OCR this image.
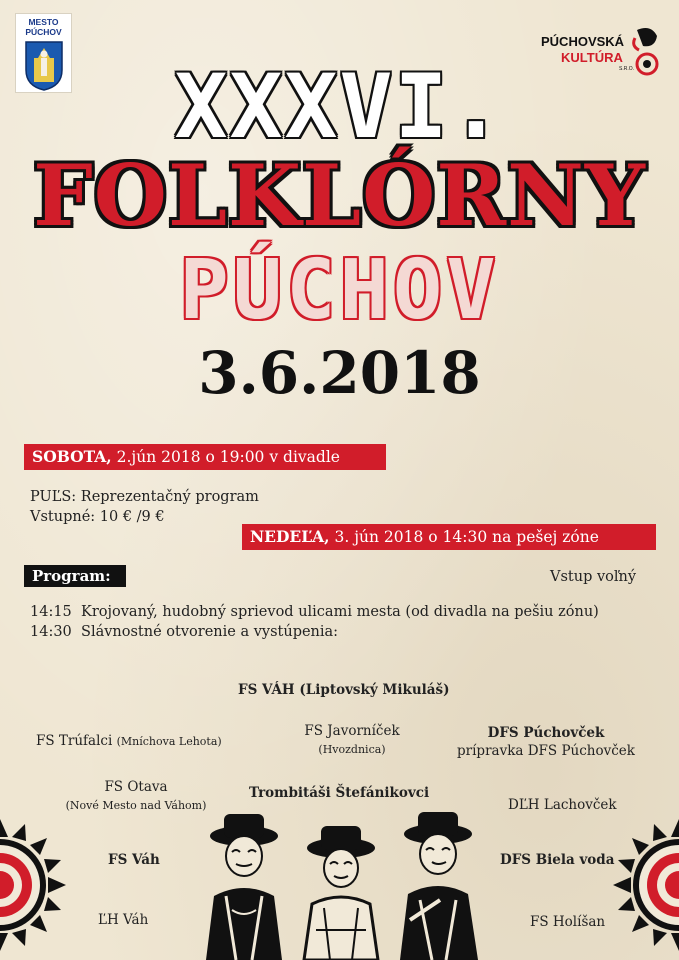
MESTO
PÚCHOV
PÚCHOVSKÁ
KULTÚRA
S.R.O.
XXXVI.
FOLKLÓRNY
PÚCHOV
3.6.2018
SOBOTA, 2.jún 2018 o 19:00 v divadle
PUĽS: Reprezentačný program
Vstupné: 10 € /9 €
NEDEĽA, 3. jún 2018 o 14:30 na pešej zóne
Program:	Vstup voľný
14:15 Krojovaný, hudobný sprievod ulicami mesta (od divadla na pešiu zónu)
14:30 Slávnostné otvorenie a vystúpenia:
FS VÁH (Liptovský Mikuláš)
FS Trúfalci (Mníchova Lehota)
FS Javorníček
(Hvozdnica)
DFS Púchovček
prípravka DFS Púchovček
FS Otava
(Nové Mesto nad Váhom)
Trombitáši Štefánikovci
DĽH Lachovček
FS Váh	DFS Biela voda
ĽH Váh	FS Holíšan
